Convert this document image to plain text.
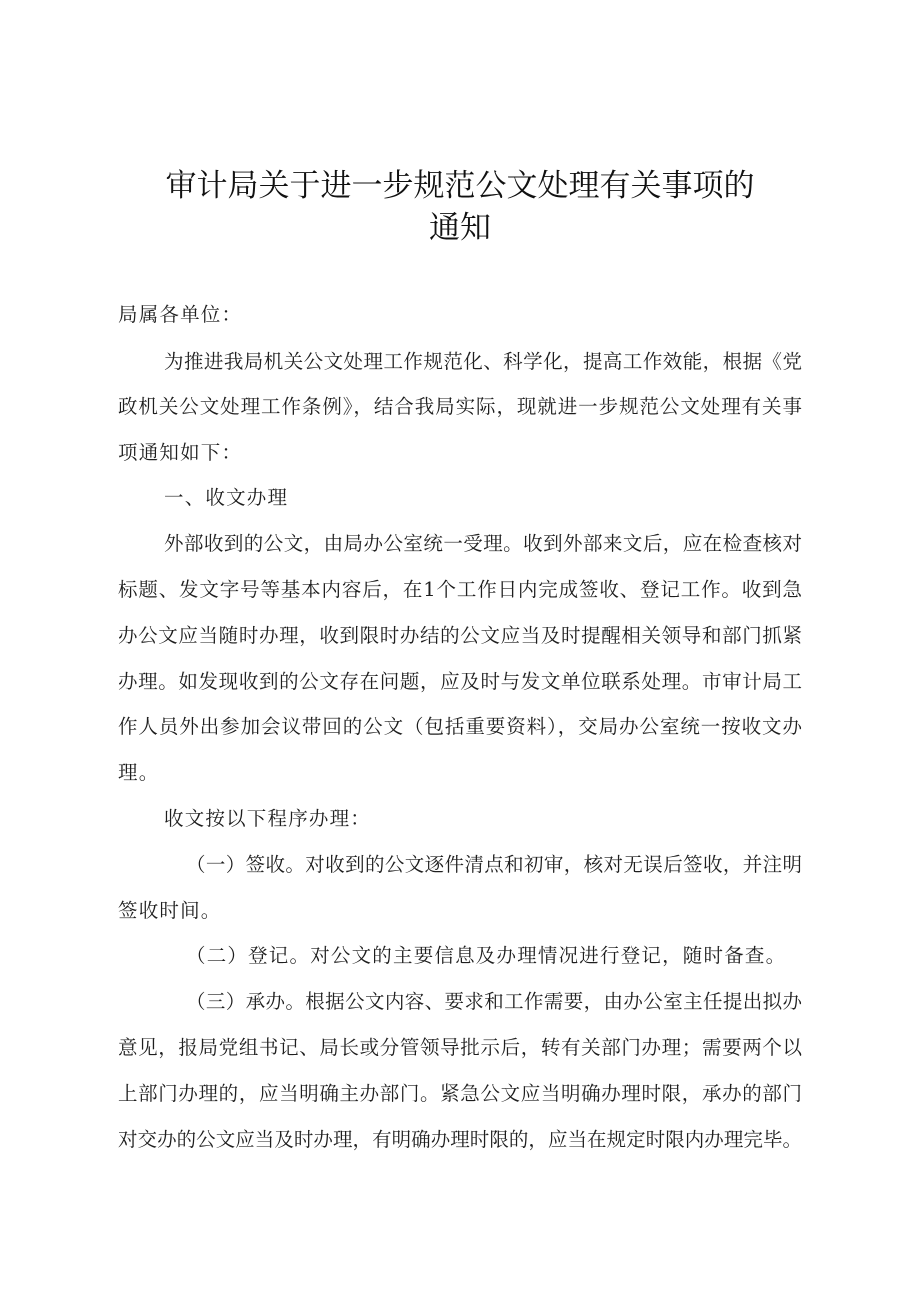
审计局关于进一步规范公文处理有关事项的
通知

局属各单位：

为推进我局机关公文处理工作规范化、科学化，提高工作效能，根据《党

政机关公文处理工作条例》，结合我局实际，现就进一步规范公文处理有关事

项通知如下：

一、收文办理

外部收到的公文，由局办公室统一受理。收到外部来文后，应在检查核对

标题、发文字号等基本内容后，在1个工作日内完成签收、登记工作。收到急

办公文应当随时办理，收到限时办结的公文应当及时提醒相关领导和部门抓紧

办理。如发现收到的公文存在问题，应及时与发文单位联系处理。市审计局工

作人员外出参加会议带回的公文（包括重要资料），交局办公室统一按收文办

理。

收文按以下程序办理：

（一）签收。对收到的公文逐件清点和初审，核对无误后签收，并注明

签收时间。

（二）登记。对公文的主要信息及办理情况进行登记，随时备查。

（三）承办。根据公文内容、要求和工作需要，由办公室主任提出拟办

意见，报局党组书记、局长或分管领导批示后，转有关部门办理；需要两个以

上部门办理的，应当明确主办部门。紧急公文应当明确办理时限，承办的部门

对交办的公文应当及时办理，有明确办理时限的，应当在规定时限内办理完毕。
